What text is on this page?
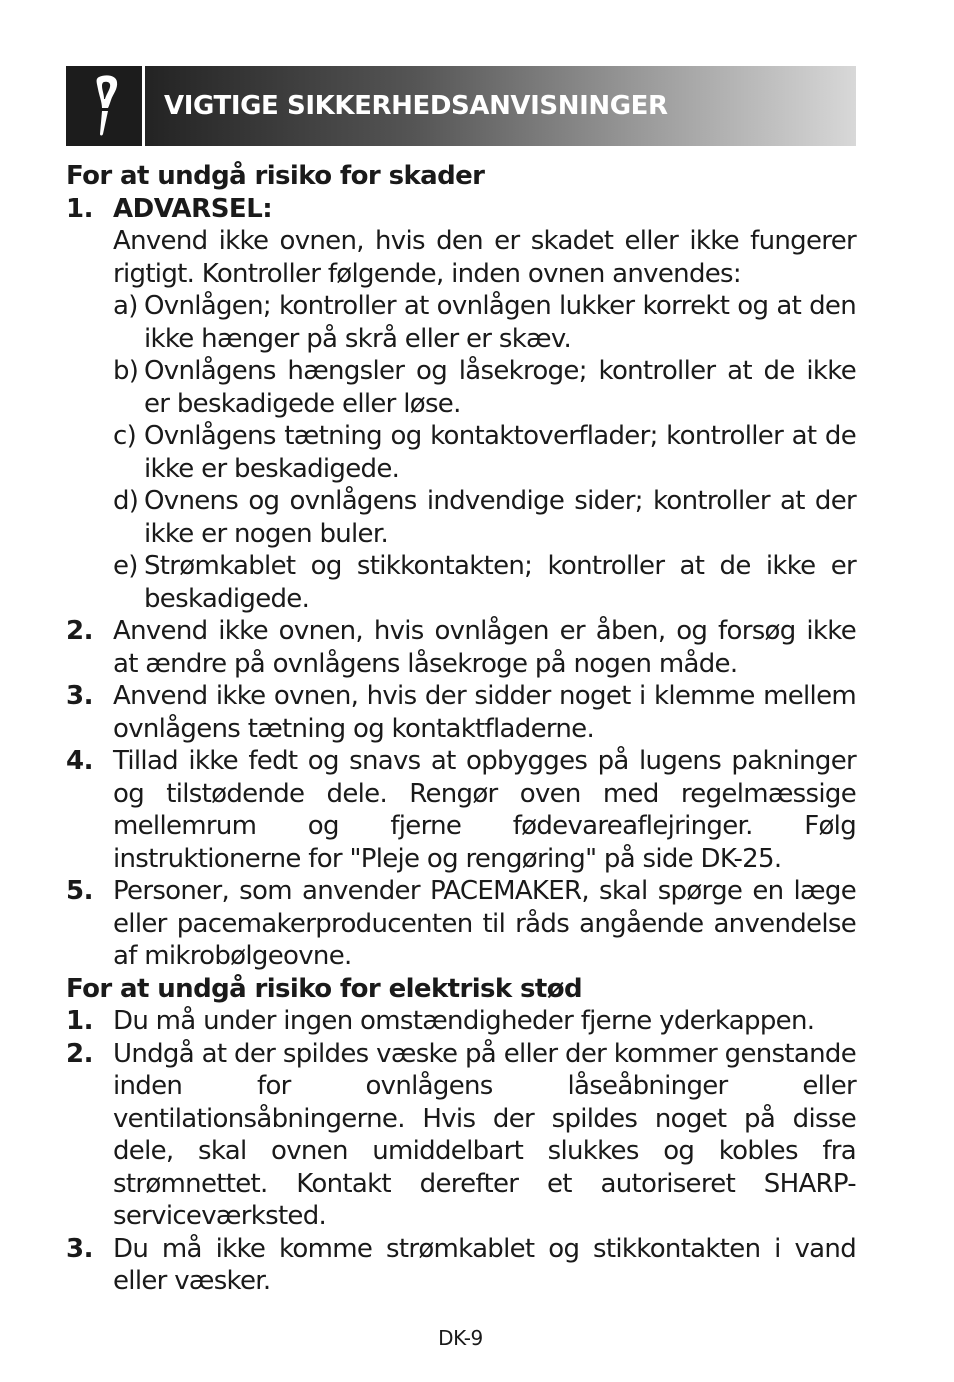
VIGTIGE SIKKERHEDSANVISNINGER
For at undgå risiko for skader
1. ADVARSEL:
Anvend ikke ovnen, hvis den er skadet eller ikke fungerer rigtigt. Kontroller følgende, inden ovnen anvendes:
a) Ovnlågen; kontroller at ovnlågen lukker korrekt og at den ikke hænger på skrå eller er skæv.
b) Ovnlågens hængsler og låsekroge; kontroller at de ikke er beskadigede eller løse.
c) Ovnlågens tætning og kontaktoverflader; kontroller at de ikke er beskadigede.
d) Ovnens og ovnlågens indvendige sider; kontroller at der ikke er nogen buler.
e) Strømkablet og stikkontakten; kontroller at de ikke er beskadigede.
2. Anvend ikke ovnen, hvis ovnlågen er åben, og forsøg ikke at ændre på ovnlågens låsekroge på nogen måde.
3. Anvend ikke ovnen, hvis der sidder noget i klemme mellem ovnlågens tætning og kontaktfladerne.
4. Tillad ikke fedt og snavs at opbygges på lugens pakninger og tilstødende dele. Rengør oven med regelmæssige mellemrum og fjerne fødevareaflejringer. Følg instruktionerne for "Pleje og rengøring" på side DK-25.
5. Personer, som anvender PACEMAKER, skal spørge en læge eller pacemakerproducenten til råds angående anvendelse af mikrobølgeovne.
For at undgå risiko for elektrisk stød
1. Du må under ingen omstændigheder fjerne yderkappen.
2. Undgå at der spildes væske på eller der kommer genstande inden for ovnlågens låseåbninger eller ventilationsåbningerne. Hvis der spildes noget på disse dele, skal ovnen umiddelbart slukkes og kobles fra strømnettet. Kontakt derefter et autoriseret SHARP-serviceværksted.
3. Du må ikke komme strømkablet og stikkontakten i vand eller væsker.
DK-9
